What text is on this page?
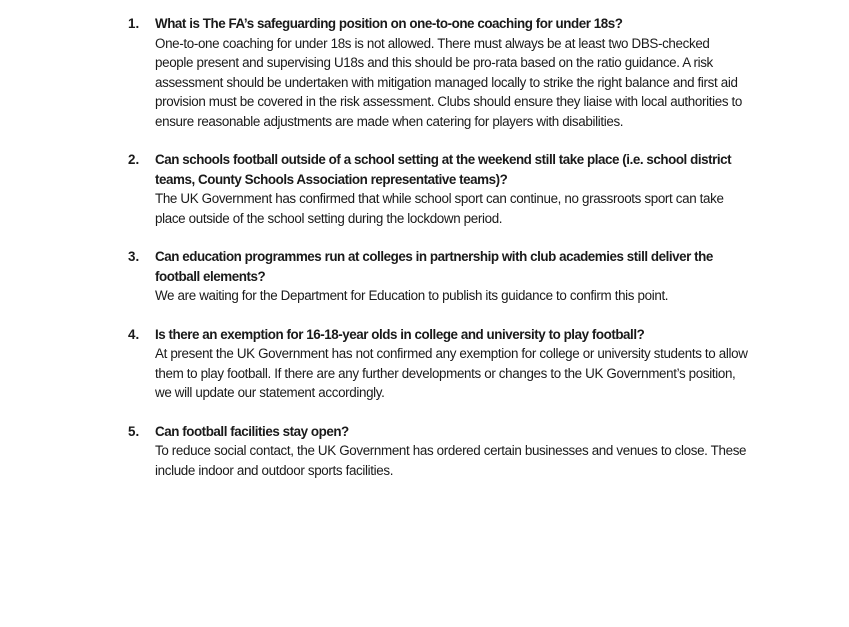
1. What is The FA’s safeguarding position on one-to-one coaching for under 18s?

One-to-one coaching for under 18s is not allowed. There must always be at least two DBS-checked people present and supervising U18s and this should be pro-rata based on the ratio guidance. A risk assessment should be undertaken with mitigation managed locally to strike the right balance and first aid provision must be covered in the risk assessment. Clubs should ensure they liaise with local authorities to ensure reasonable adjustments are made when catering for players with disabilities.

2. Can schools football outside of a school setting at the weekend still take place (i.e. school district teams, County Schools Association representative teams)?

The UK Government has confirmed that while school sport can continue, no grassroots sport can take place outside of the school setting during the lockdown period.

3. Can education programmes run at colleges in partnership with club academies still deliver the football elements?

We are waiting for the Department for Education to publish its guidance to confirm this point.

4. Is there an exemption for 16-18-year olds in college and university to play football?

At present the UK Government has not confirmed any exemption for college or university students to allow them to play football. If there are any further developments or changes to the UK Government’s position, we will update our statement accordingly.

5. Can football facilities stay open?

To reduce social contact, the UK Government has ordered certain businesses and venues to close. These include indoor and outdoor sports facilities.
